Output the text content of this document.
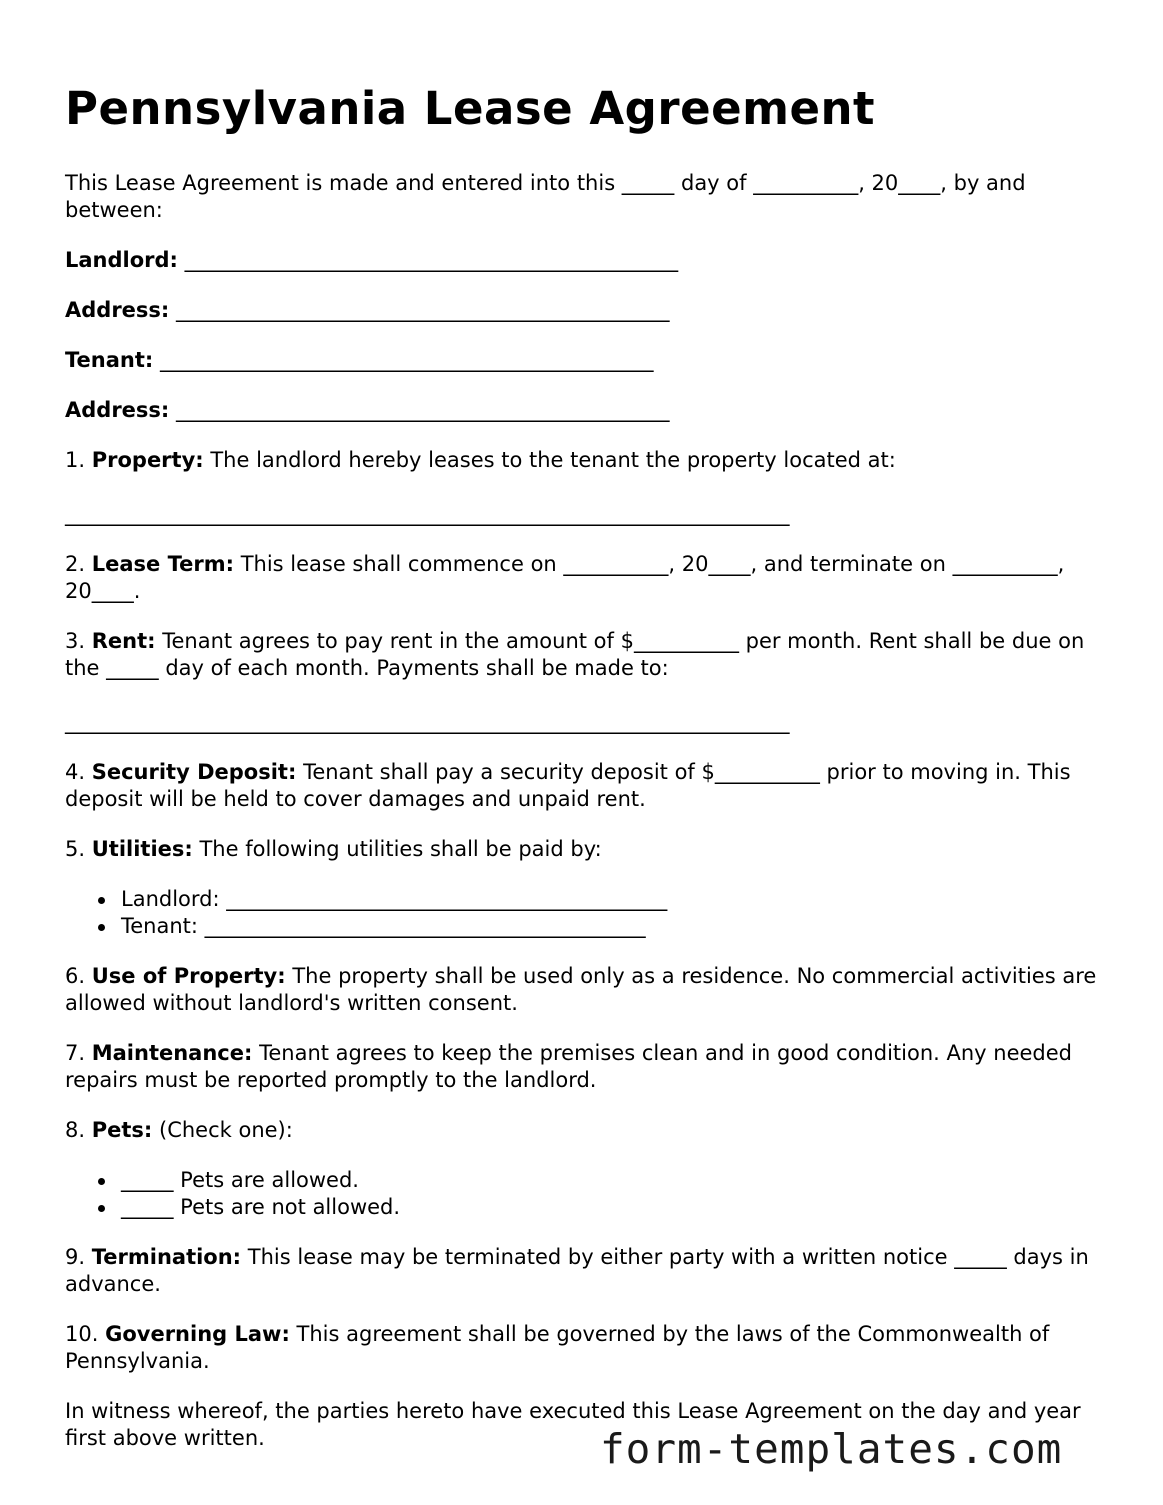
Pennsylvania Lease Agreement

This Lease Agreement is made and entered into this _____ day of __________, 20____, by and between:

Landlord: _______________________________________________

Address: _______________________________________________

Tenant: _______________________________________________

Address: _______________________________________________

1. Property: The landlord hereby leases to the tenant the property located at:

_____________________________________________________________________

2. Lease Term: This lease shall commence on __________, 20____, and terminate on __________, 20____.

3. Rent: Tenant agrees to pay rent in the amount of $__________ per month. Rent shall be due on the _____ day of each month. Payments shall be made to:

_____________________________________________________________________

4. Security Deposit: Tenant shall pay a security deposit of $__________ prior to moving in. This deposit will be held to cover damages and unpaid rent.

5. Utilities: The following utilities shall be paid by:

Landlord: __________________________________________
Tenant: __________________________________________

6. Use of Property: The property shall be used only as a residence. No commercial activities are allowed without landlord's written consent.

7. Maintenance: Tenant agrees to keep the premises clean and in good condition. Any needed repairs must be reported promptly to the landlord.

8. Pets: (Check one):

_____ Pets are allowed.
_____ Pets are not allowed.

9. Termination: This lease may be terminated by either party with a written notice _____ days in advance.

10. Governing Law: This agreement shall be governed by the laws of the Commonwealth of Pennsylvania.

In witness whereof, the parties hereto have executed this Lease Agreement on the day and year first above written.	form-templates.com
